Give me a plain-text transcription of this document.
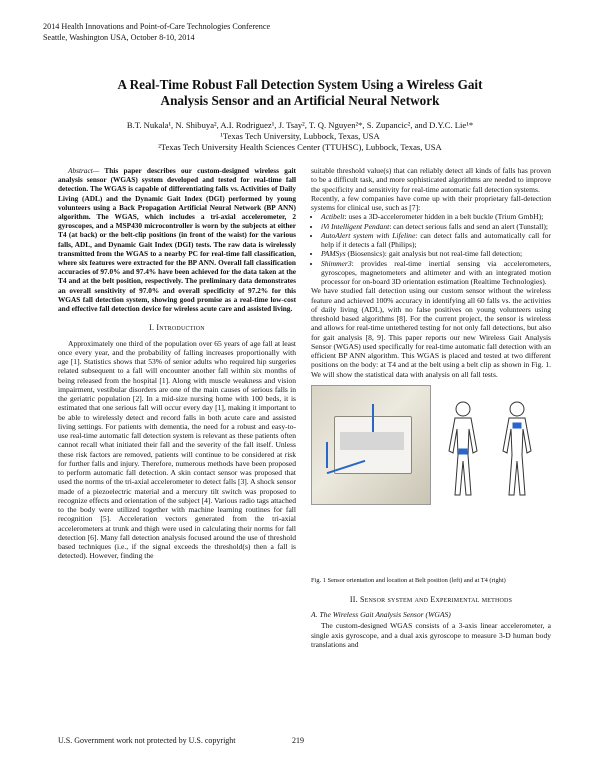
2014 Health Innovations and Point-of-Care Technologies Conference
Seattle, Washington USA, October 8-10, 2014
A Real-Time Robust Fall Detection System Using a Wireless Gait
Analysis Sensor and an Artificial Neural Network
B.T. Nukala¹, N. Shibuya², A.I. Rodriguez¹, J. Tsay², T. Q. Nguyen²*, S. Zupancic², and D.Y.C. Lie¹*
¹Texas Tech University, Lubbock, Texas, USA
²Texas Tech University Health Sciences Center (TTUHSC), Lubbock, Texas, USA

Abstract— This paper describes our custom-designed wireless gait analysis sensor (WGAS) system developed and tested for real-time fall detection. The WGAS is capable of differentiating falls vs. Activities of Daily Living (ADL) and the Dynamic Gait Index (DGI) performed by young volunteers using a Back Propagation Artificial Neural Network (BP ANN) algorithm. The WGAS, which includes a tri-axial accelerometer, 2 gyroscopes, and a MSP430 microcontroller is worn by the subjects at either T4 (at back) or the belt-clip positions (in front of the waist) for the various falls, ADL, and Dynamic Gait Index (DGI) tests. The raw data is wirelessly transmitted from the WGAS to a nearby PC for real-time fall classification, where six features were extracted for the BP ANN. Overall fall classification accuracies of 97.0% and 97.4% have been achieved for the data taken at the T4 and at the belt position, respectively. The preliminary data demonstrates an overall sensitivity of 97.0% and overall specificity of 97.2% for this WGAS fall detection system, showing good promise as a real-time low-cost and effective fall detection device for wireless acute care and assisted living.

I. Introduction

Approximately one third of the population over 65 years of age fall at least once every year, and the probability of falling increases proportionally with age [1]. Statistics shows that 53% of senior adults who required hip surgeries related subsequent to a fall will encounter another fall within six months of being released from the hospital [1]. Along with muscle weakness and vision impairment, vestibular disorders are one of the main causes of serious falls in the geriatric population [2]. In a mid-size nursing home with 100 beds, it is estimated that one serious fall will occur every day [1], making it important to be able to wirelessly detect and record falls in both acute care and assisted living settings. For patients with dementia, the need for a robust and easy-to-use real-time automatic fall detection system is relevant as these patients often cannot recall what initiated their fall and the severity of the fall itself. Unless these risk factors are removed, patients will continue to be considered at risk for further falls and injury. Therefore, numerous methods have been proposed to perform automatic fall detection. A skin contact sensor was proposed that used the norms of the tri-axial accelerometer to detect falls [3]. A shock sensor made of a piezoelectric material and a mercury tilt switch was proposed to recognize effects and orientation of the subject [4]. Various radio tags attached to the body were utilized together with machine learning routines for fall recognition [5]. Acceleration vectors generated from the tri-axial accelerometers at trunk and thigh were used in calculating their norms for fall detection [6]. Many fall detection analysis focused around the use of threshold based techniques (i.e., if the signal exceeds the threshold(s) then a fall is detected). However, finding the

suitable threshold value(s) that can reliably detect all kinds of falls has proven to be a difficult task, and more sophisticated algorithms are needed to improve the specificity and sensitivity for real-time automatic fall detection systems.

Recently, a few companies have come up with their proprietary fall-detection systems for clinical use, such as [7]:

• Actibelt: uses a 3D-accelerometer hidden in a belt buckle (Trium GmbH);
• iVi Intelligent Pendant: can detect serious falls and send an alert (Tunstall);
• AutoAlert system with Lifeline: can detect falls and automatically call for help if it detects a fall (Philips);
• PAMSys (Biosensics): gait analysis but not real-time fall detection;
• Shimmer3: provides real-time inertial sensing via accelerometers, gyroscopes, magnetometers and altimeter and with an integrated motion processor for on-board 3D orientation estimation (Realtime Technologies).

We have studied fall detection using our custom sensor without the wireless feature and achieved 100% accuracy in identifying all 60 falls vs. the activities of daily living (ADL), with no false positives on young volunteers using threshold based algorithms [8]. For the current project, the sensor is wireless and allows for real-time untethered testing for not only fall detections, but also for gait analysis [8, 9]. This paper reports our new Wireless Gait Analysis Sensor (WGAS) used specifically for real-time automatic fall detection with an efficient BP ANN algorithm. This WGAS is placed and tested at two different positions on the body: at T4 and at the belt using a belt clip as shown in Fig. 1. We will show the statistical data with analysis on all fall tests.

Fig. 1 Sensor orientation and location at Belt position (left) and at T4 (right)

II. Sensor system and Experimental methods
A. The Wireless Gait Analysis Sensor (WGAS)

The custom-designed WGAS consists of a 3-axis linear accelerometer, a single axis gyroscope, and a dual axis gyroscope to measure 3-D human body translations and

U.S. Government work not protected by U.S. copyright	219
